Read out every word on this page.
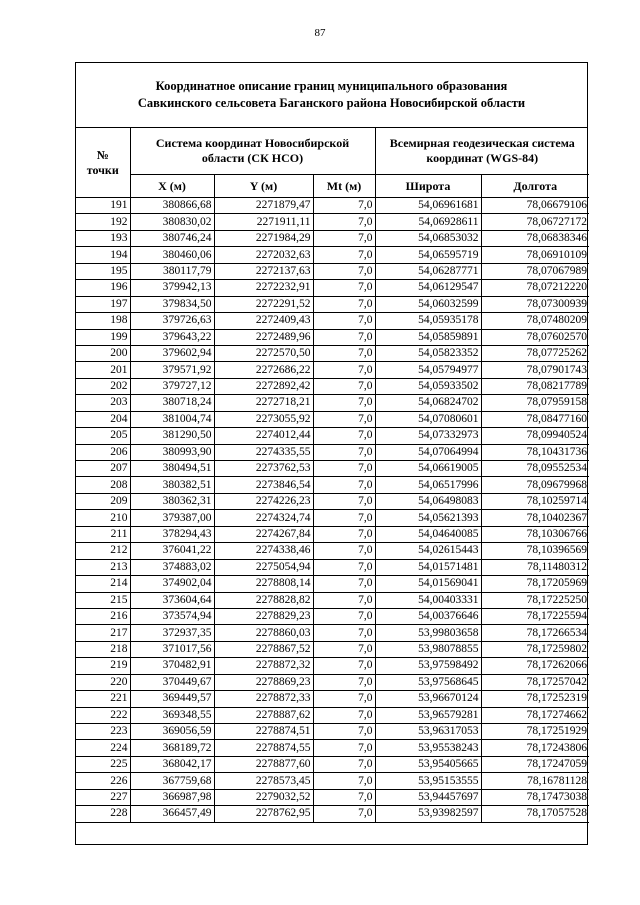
87
Координатное описание границ муниципального образования
Савкинского сельсовета Баганского района Новосибирской области
№ точки	Система координат Новосибирской области (СК НСО)			Всемирная геодезическая система координат (WGS-84)	
	X (м)	Y (м)	Mt (м)	Широта	Долгота
191	380866,68	2271879,47	7,0	54,06961681	78,06679106
192	380830,02	2271911,11	7,0	54,06928611	78,06727172
193	380746,24	2271984,29	7,0	54,06853032	78,06838346
194	380460,06	2272032,63	7,0	54,06595719	78,06910109
195	380117,79	2272137,63	7,0	54,06287771	78,07067989
196	379942,13	2272232,91	7,0	54,06129547	78,07212220
197	379834,50	2272291,52	7,0	54,06032599	78,07300939
198	379726,63	2272409,43	7,0	54,05935178	78,07480209
199	379643,22	2272489,96	7,0	54,05859891	78,07602570
200	379602,94	2272570,50	7,0	54,05823352	78,07725262
201	379571,92	2272686,22	7,0	54,05794977	78,07901743
202	379727,12	2272892,42	7,0	54,05933502	78,08217789
203	380718,24	2272718,21	7,0	54,06824702	78,07959158
204	381004,74	2273055,92	7,0	54,07080601	78,08477160
205	381290,50	2274012,44	7,0	54,07332973	78,09940524
206	380993,90	2274335,55	7,0	54,07064994	78,10431736
207	380494,51	2273762,53	7,0	54,06619005	78,09552534
208	380382,51	2273846,54	7,0	54,06517996	78,09679968
209	380362,31	2274226,23	7,0	54,06498083	78,10259714
210	379387,00	2274324,74	7,0	54,05621393	78,10402367
211	378294,43	2274267,84	7,0	54,04640085	78,10306766
212	376041,22	2274338,46	7,0	54,02615443	78,10396569
213	374883,02	2275054,94	7,0	54,01571481	78,11480312
214	374902,04	2278808,14	7,0	54,01569041	78,17205969
215	373604,64	2278828,82	7,0	54,00403331	78,17225250
216	373574,94	2278829,23	7,0	54,00376646	78,17225594
217	372937,35	2278860,03	7,0	53,99803658	78,17266534
218	371017,56	2278867,52	7,0	53,98078855	78,17259802
219	370482,91	2278872,32	7,0	53,97598492	78,17262066
220	370449,67	2278869,23	7,0	53,97568645	78,17257042
221	369449,57	2278872,33	7,0	53,96670124	78,17252319
222	369348,55	2278887,62	7,0	53,96579281	78,17274662
223	369056,59	2278874,51	7,0	53,96317053	78,17251929
224	368189,72	2278874,55	7,0	53,95538243	78,17243806
225	368042,17	2278877,60	7,0	53,95405665	78,17247059
226	367759,68	2278573,45	7,0	53,95153555	78,16781128
227	366987,98	2279032,52	7,0	53,94457697	78,17473038
228	366457,49	2278762,95	7,0	53,93982597	78,17057528
